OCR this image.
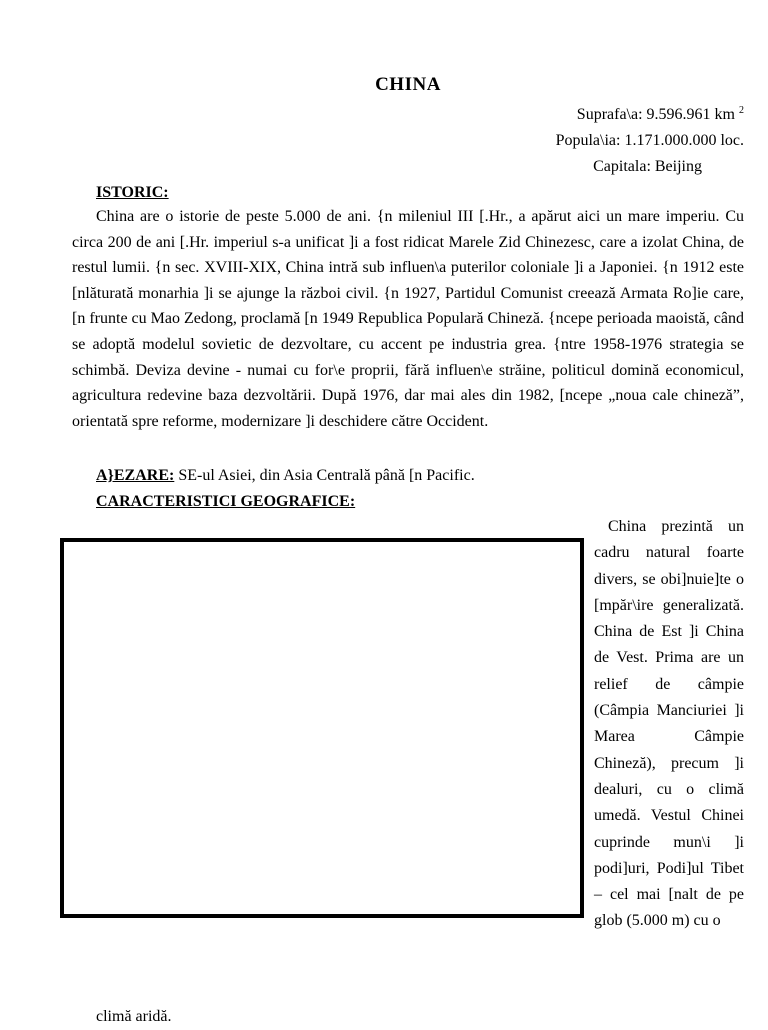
CHINA
Suprafa\a: 9.596.961 km $^2$
Popula\ia: 1.171.000.000 loc.
Capitala: Beijing
ISTORIC:
China are o istorie de peste 5.000 de ani. {n mileniul III [.Hr., a apărut aici un mare imperiu. Cu circa 200 de ani [.Hr. imperiul s-a unificat ]i a fost ridicat Marele Zid Chinezesc, care a izolat China, de restul lumii. {n sec. XVIII-XIX, China intră sub influen\a puterilor coloniale ]i a Japoniei. {n 1912 este [nlăturată monarhia ]i se ajunge la război civil. {n 1927, Partidul Comunist creează Armata Ro]ie care, [n frunte cu Mao Zedong, proclamă [n 1949 Republica Populară Chineză. {ncepe perioada maoistă, când se adoptă modelul sovietic de dezvoltare, cu accent pe industria grea. {ntre 1958-1976 strategia se schimbă. Deviza devine - numai cu for\e proprii, fără influen\e străine, politicul domină economicul, agricultura redevine baza dezvoltării. După 1976, dar mai ales din 1982, [ncepe „noua cale chineză”, orientată spre reforme, modernizare ]i deschidere către Occident.
A}EZARE: SE-ul Asiei, din Asia Centrală până [n Pacific.
CARACTERISTICI GEOGRAFICE:
China prezintă un cadru natural foarte divers, se obi]nuie]te o [mpăr\ire generalizată. China de Est ]i China de Vest. Prima are un relief de câmpie (Câmpia Manciuriei ]i Marea Câmpie Chineză), precum ]i dealuri, cu o climă umedă. Vestul Chinei cuprinde mun\i ]i podi]uri, Podi]ul Tibet – cel mai [nalt de pe glob (5.000 m) cu o
climă aridă.
